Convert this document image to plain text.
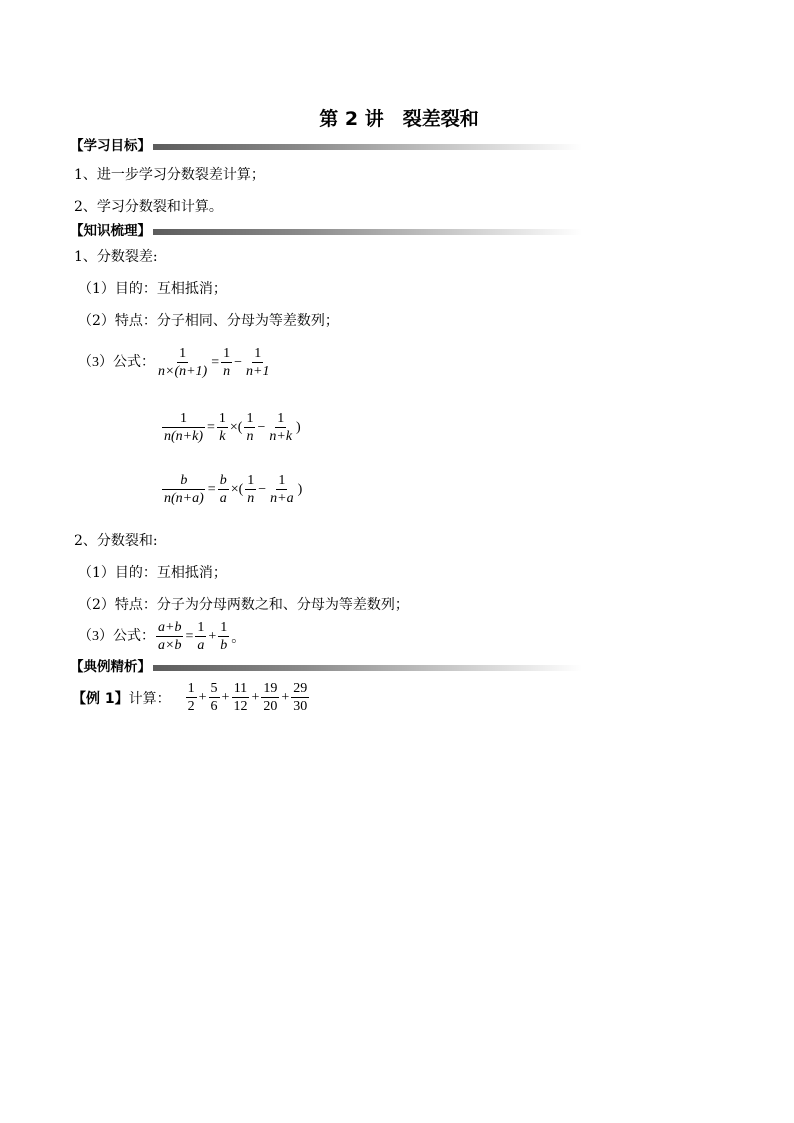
第 2 讲　裂差裂和
【学习目标】
1、进一步学习分数裂差计算；
2、学习分数裂和计算。
【知识梳理】
1、分数裂差:
（1）目的：互相抵消；
（2）特点：分子相同、分母为等差数列；
（3）公式： $\frac{1}{n\times(n+1)} = \frac{1}{n} - \frac{1}{n+1}$
$\frac{1}{n(n+k)} = \frac{1}{k}$ ×( $\frac{1}{n} - \frac{1}{n+k}$ )
$\frac{b}{n(n+a)} = \frac{b}{a}$ ×( $\frac{1}{n} - \frac{1}{n+a}$ )
2、分数裂和:
（1）目的：互相抵消；
（2）特点：分子为分母两数之和、分母为等差数列；
（3）公式： $\frac{a+b}{a\times b} = \frac{1}{a} + \frac{1}{b}$ 。
【典例精析】
【例 1】 计算： $\frac{1}{2} + \frac{5}{6} + \frac{11}{12} + \frac{19}{20} + \frac{29}{30}$
